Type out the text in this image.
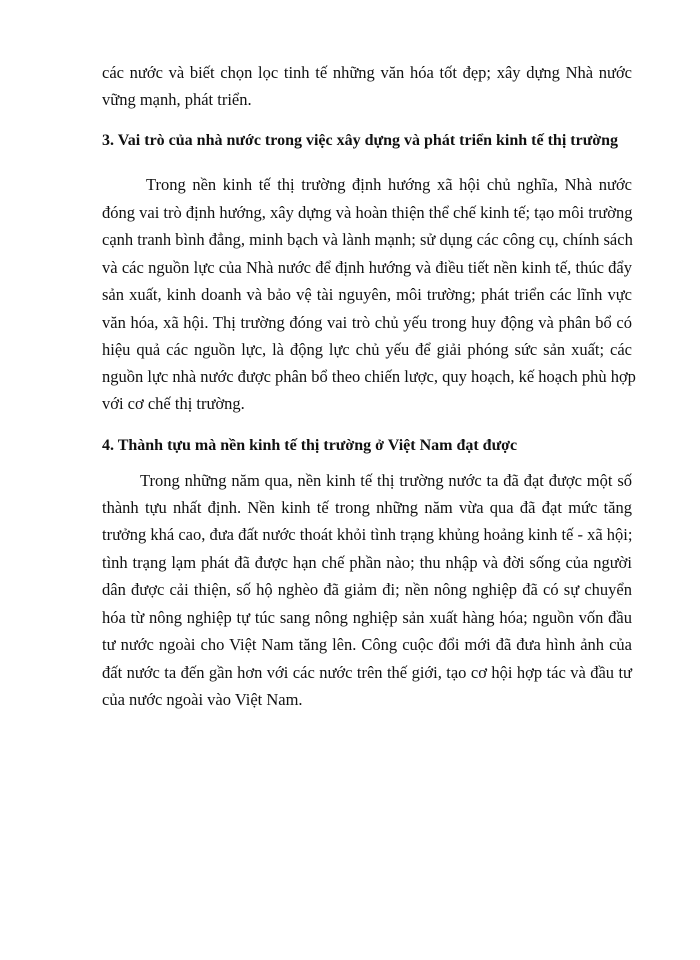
các nước và biết chọn lọc tinh tế những văn hóa tốt đẹp; xây dựng Nhà nước
vững mạnh, phát triển.
3. Vai trò của nhà nước trong việc xây dựng và phát triển kinh tế thị trường
Trong nền kinh tế thị trường định hướng xã hội chủ nghĩa, Nhà nước
đóng vai trò định hướng, xây dựng và hoàn thiện thể chế kinh tế; tạo môi trường
cạnh tranh bình đẳng, minh bạch và lành mạnh; sử dụng các công cụ, chính sách
và các nguồn lực của Nhà nước để định hướng và điều tiết nền kinh tế, thúc đẩy
sản xuất, kinh doanh và bảo vệ tài nguyên, môi trường; phát triển các lĩnh vực
văn hóa, xã hội. Thị trường đóng vai trò chủ yếu trong huy động và phân bổ có
hiệu quả các nguồn lực, là động lực chủ yếu để giải phóng sức sản xuất; các
nguồn lực nhà nước được phân bổ theo chiến lược, quy hoạch, kế hoạch phù hợp
với cơ chế thị trường.
4. Thành tựu mà nền kinh tế thị trường ở Việt Nam đạt được
Trong những năm qua, nền kinh tế thị trường nước ta đã đạt được một số
thành tựu nhất định. Nền kinh tế trong những năm vừa qua đã đạt mức tăng
trưởng khá cao, đưa đất nước thoát khỏi tình trạng khủng hoảng kinh tế - xã hội;
tình trạng lạm phát đã được hạn chế phần nào; thu nhập và đời sống của người
dân được cải thiện, số hộ nghèo đã giảm đi; nền nông nghiệp đã có sự chuyển
hóa từ nông nghiệp tự túc sang nông nghiệp sản xuất hàng hóa; nguồn vốn đầu
tư nước ngoài cho Việt Nam tăng lên. Công cuộc đổi mới đã đưa hình ảnh của
đất nước ta đến gần hơn với các nước trên thế giới, tạo cơ hội hợp tác và đầu tư
của nước ngoài vào Việt Nam.
